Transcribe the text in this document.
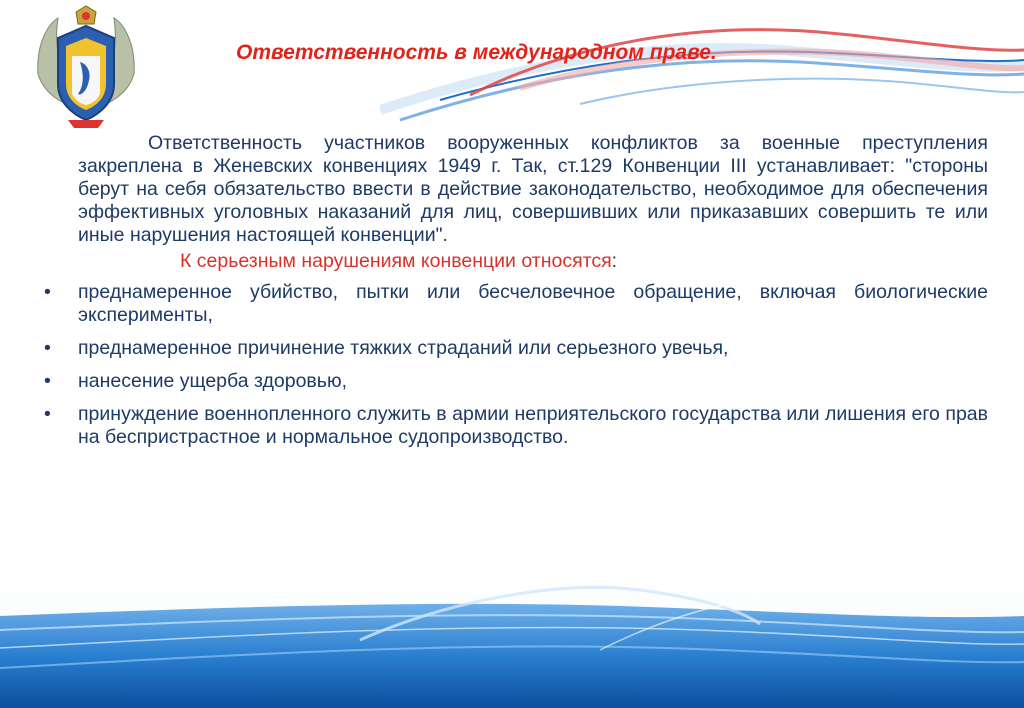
Ответственность в международном праве.

Ответственность участников вооруженных конфликтов за военные преступления закреплена в Женевских конвенциях 1949 г. Так, ст.129 Конвенции III устанавливает: "стороны берут на себя обязательство ввести в действие законодательство, необходимое для обеспечения эффективных уголовных наказаний для лиц, совершивших или приказавших совершить те или иные нарушения настоящей конвенции".

К серьезным нарушениям конвенции относятся:

• преднамеренное убийство, пытки или бесчеловечное обращение, включая биологические эксперименты,
• преднамеренное причинение тяжких страданий или серьезного увечья,
• нанесение ущерба здоровью,
• принуждение военнопленного служить в армии неприятельского государства или лишения его прав на беспристрастное и нормальное судопроизводство.
